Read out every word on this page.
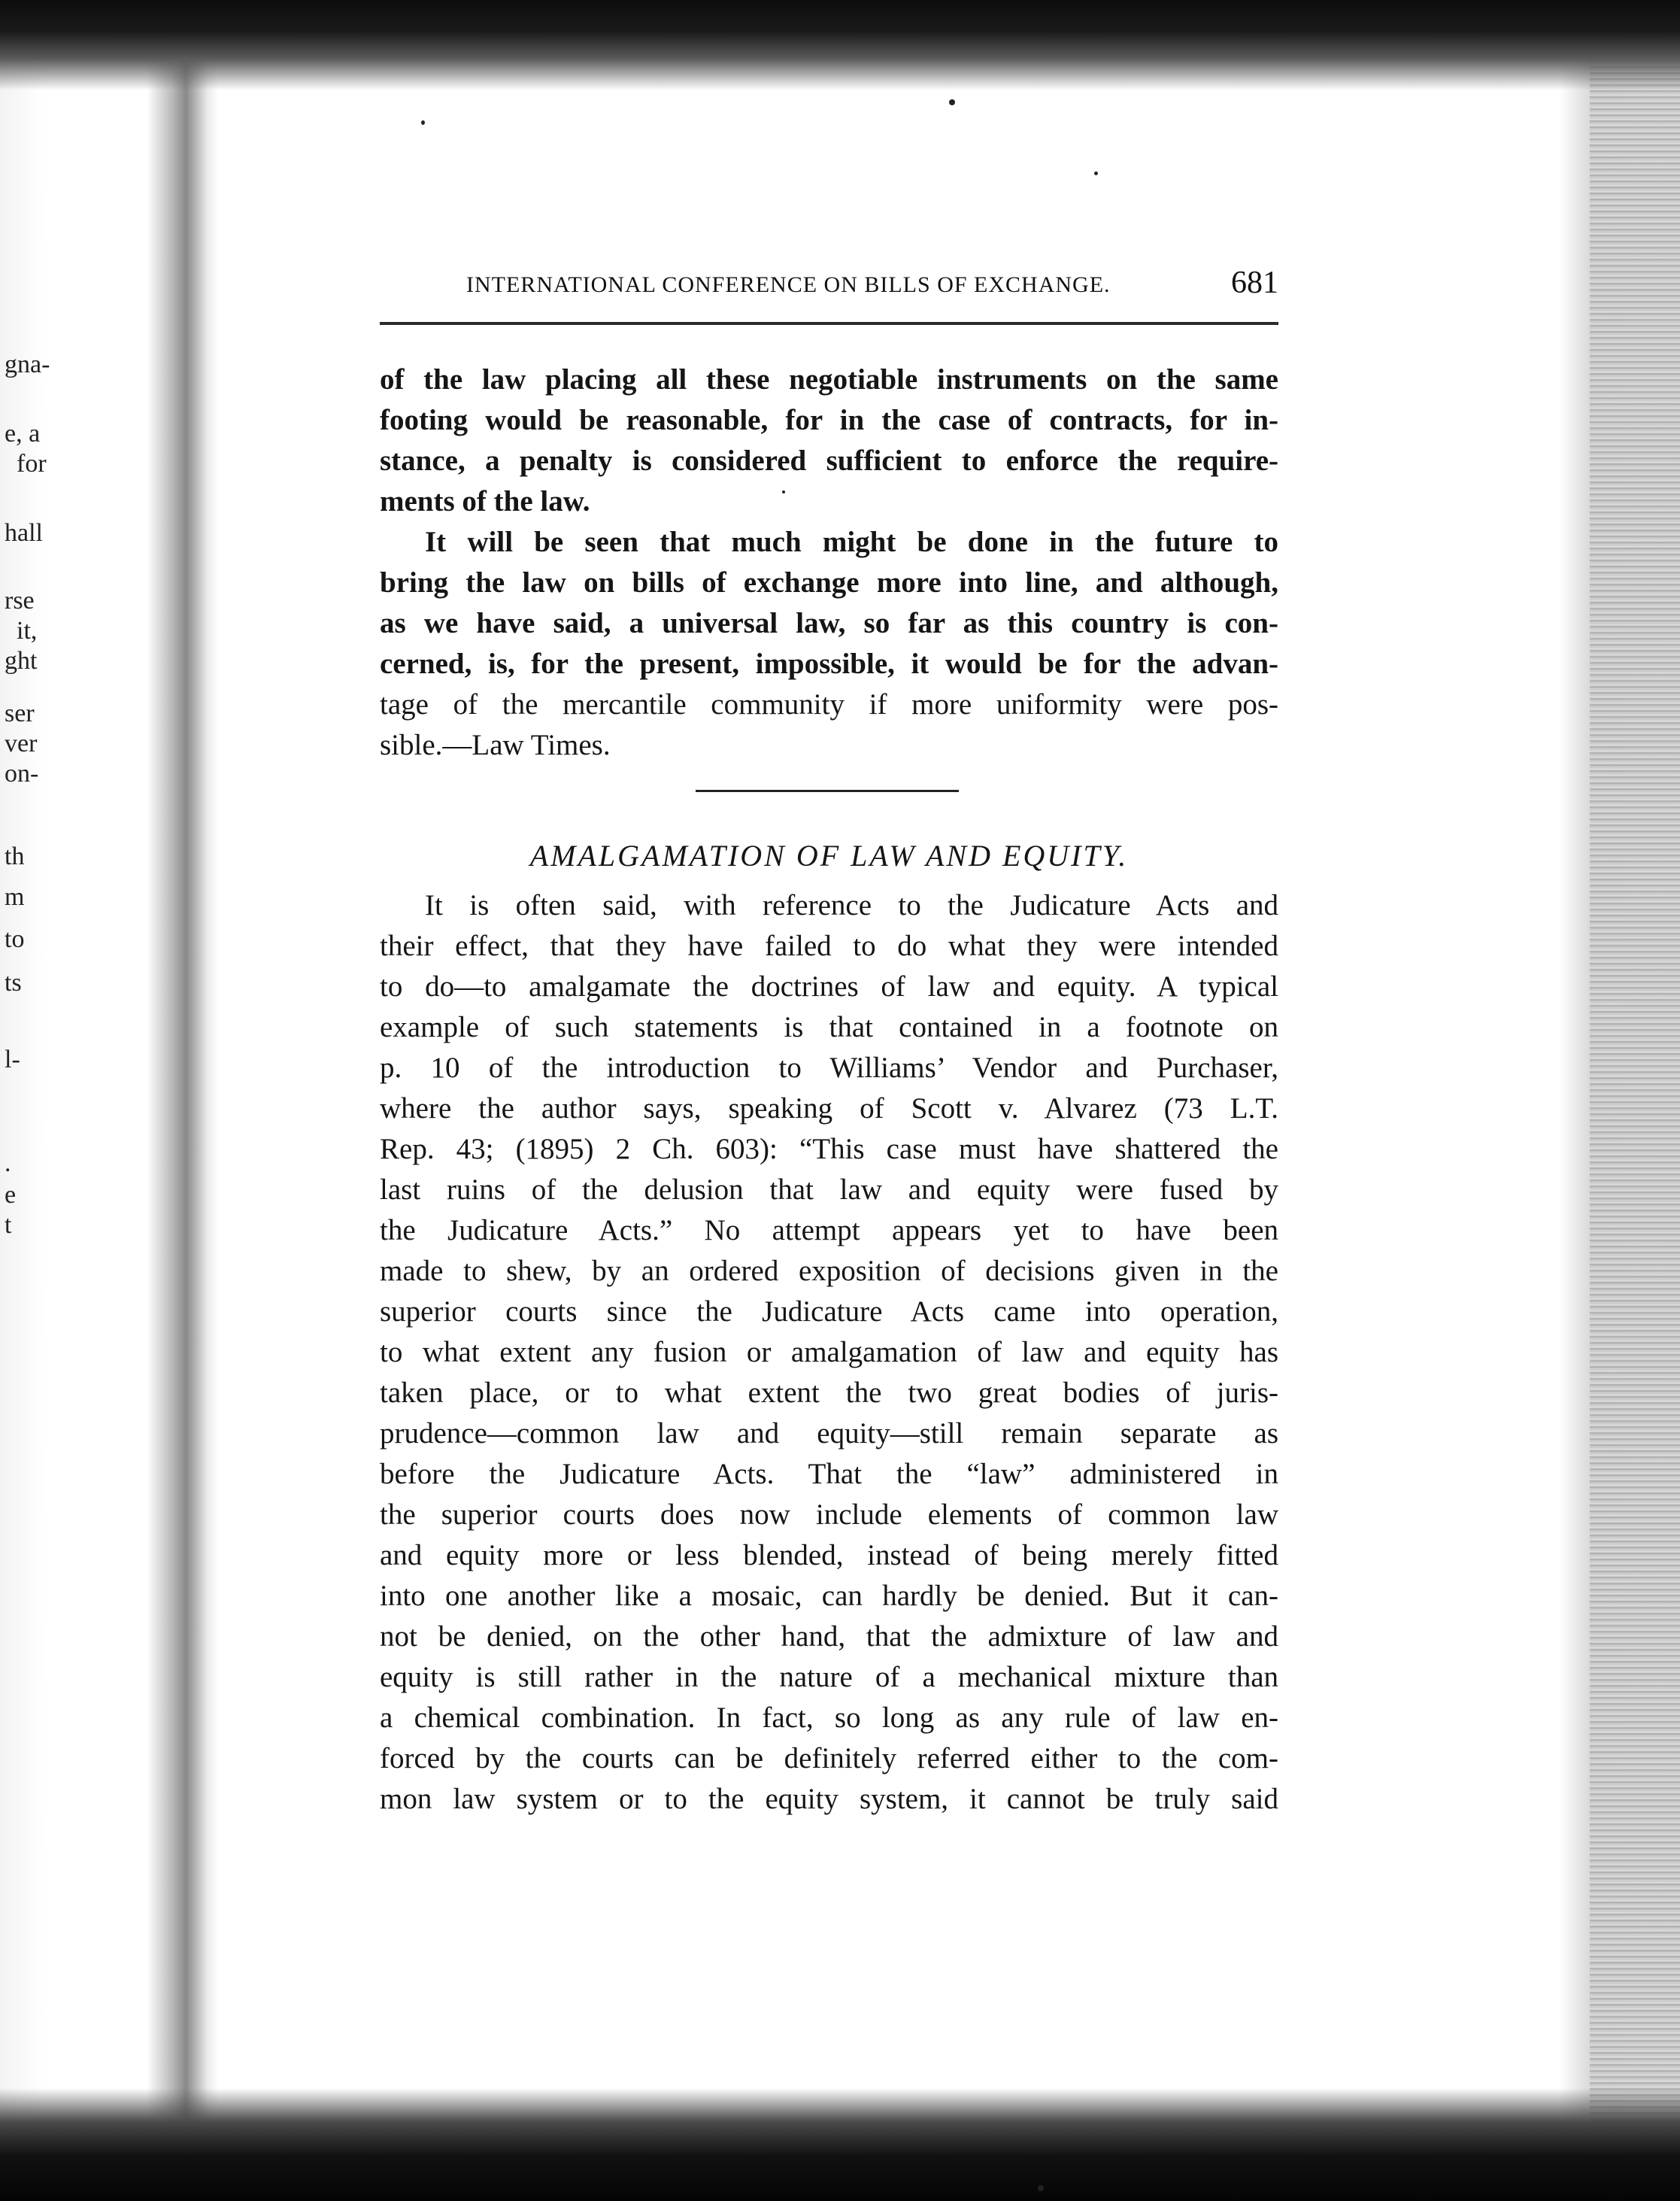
gna-
e, a
for
hall
rse
it,
ght
ser
ver
on-
th
m
to
ts
l-
.
e
t
INTERNATIONAL CONFERENCE ON BILLS OF EXCHANGE.	681
of the law placing all these negotiable instruments on the same
footing would be reasonable, for in the case of contracts, for in-
stance, a penalty is considered sufficient to enforce the require-
ments of the law.
It will be seen that much might be done in the future to
bring the law on bills of exchange more into line, and although,
as we have said, a universal law, so far as this country is con-
cerned, is, for the present, impossible, it would be for the advan-
tage of the mercantile community if more uniformity were pos-
sible.—Law Times.
AMALGAMATION OF LAW AND EQUITY.
It is often said, with reference to the Judicature Acts and
their effect, that they have failed to do what they were intended
to do—to amalgamate the doctrines of law and equity. A typical
example of such statements is that contained in a footnote on
p. 10 of the introduction to Williams’ Vendor and Purchaser,
where the author says, speaking of Scott v. Alvarez (73 L.T.
Rep. 43; (1895) 2 Ch. 603): “This case must have shattered the
last ruins of the delusion that law and equity were fused by
the Judicature Acts.” No attempt appears yet to have been
made to shew, by an ordered exposition of decisions given in the
superior courts since the Judicature Acts came into operation,
to what extent any fusion or amalgamation of law and equity has
taken place, or to what extent the two great bodies of juris-
prudence—common law and equity—still remain separate as
before the Judicature Acts. That the “law” administered in
the superior courts does now include elements of common law
and equity more or less blended, instead of being merely fitted
into one another like a mosaic, can hardly be denied. But it can-
not be denied, on the other hand, that the admixture of law and
equity is still rather in the nature of a mechanical mixture than
a chemical combination. In fact, so long as any rule of law en-
forced by the courts can be definitely referred either to the com-
mon law system or to the equity system, it cannot be truly said
